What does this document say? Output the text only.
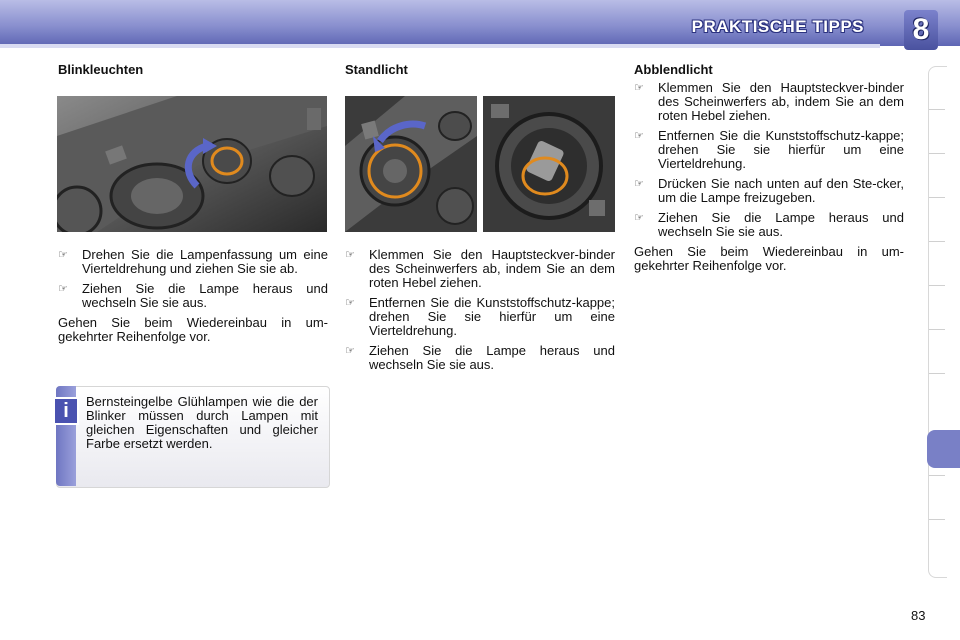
PRAKTISCHE TIPPS 8
Blinkleuchten
☞ Drehen Sie die Lampenfassung um eine Vierteldrehung und ziehen Sie sie ab.
☞ Ziehen Sie die Lampe heraus und wechseln Sie sie aus.
Gehen Sie beim Wiedereinbau in um-gekehrter Reihenfolge vor.
i	Bernsteingelbe Glühlampen wie die der Blinker müssen durch Lampen mit gleichen Eigenschaften und gleicher Farbe ersetzt werden.
Standlicht
☞ Klemmen Sie den Hauptsteckver-binder des Scheinwerfers ab, indem Sie an dem roten Hebel ziehen.
☞ Entfernen Sie die Kunststoffschutz-kappe; drehen Sie sie hierfür um eine Vierteldrehung.
☞ Ziehen Sie die Lampe heraus und wechseln Sie sie aus.
Abblendlicht
☞ Klemmen Sie den Hauptsteckver-binder des Scheinwerfers ab, indem Sie an dem roten Hebel ziehen.
☞ Entfernen Sie die Kunststoffschutz-kappe; drehen Sie sie hierfür um eine Vierteldrehung.
☞ Drücken Sie nach unten auf den Ste-cker, um die Lampe freizugeben.
☞ Ziehen Sie die Lampe heraus und wechseln Sie sie aus.
Gehen Sie beim Wiedereinbau in um-gekehrter Reihenfolge vor.
83
